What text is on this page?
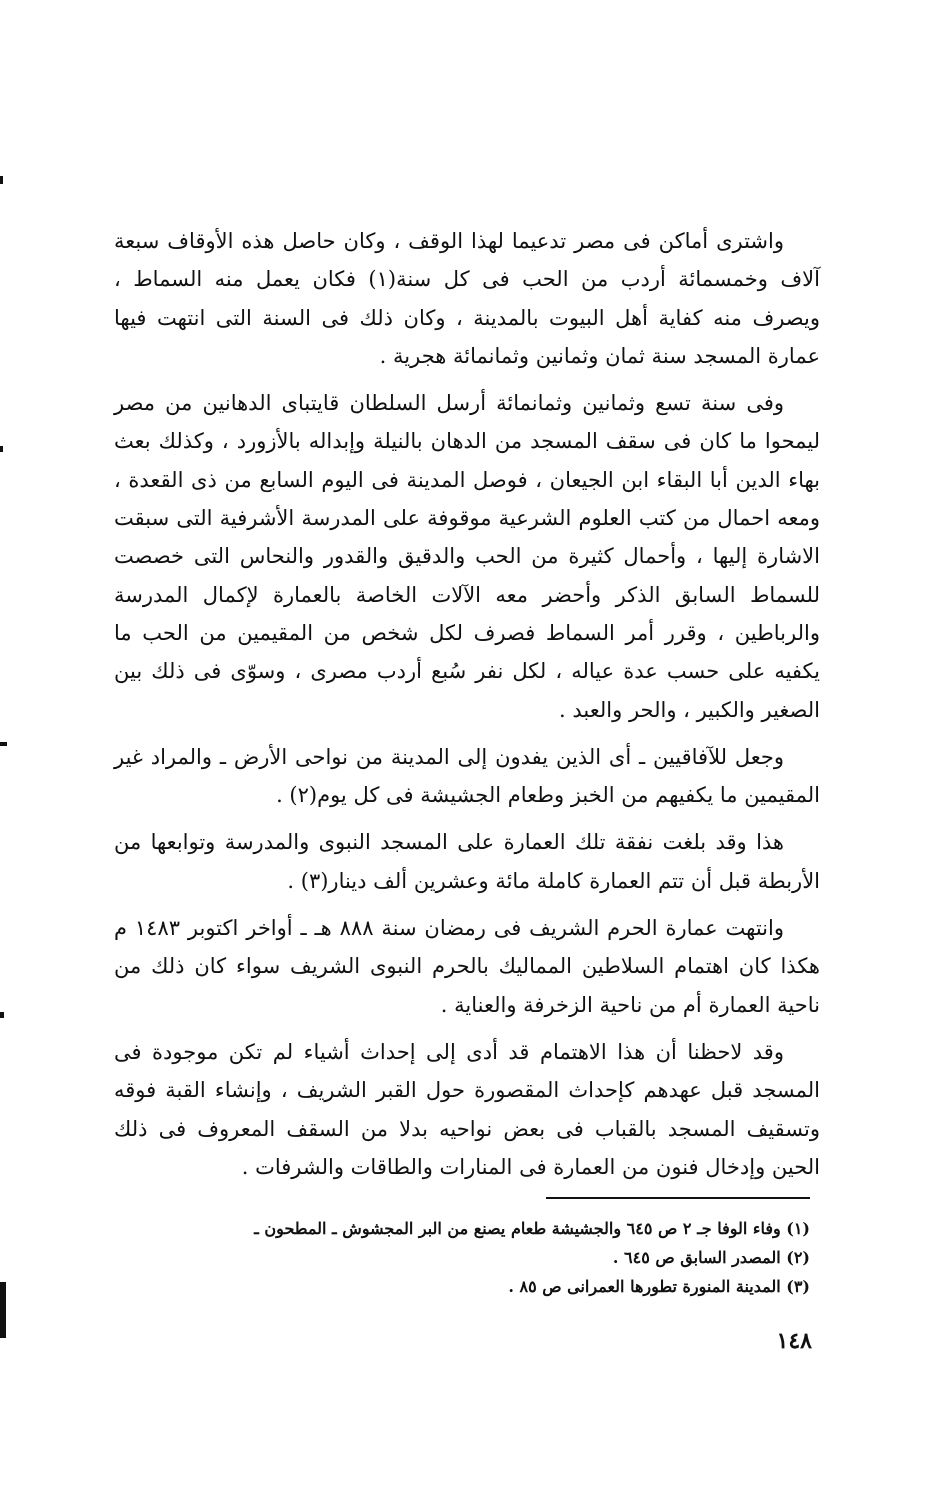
واشترى أماكن فى مصر تدعيما لهذا الوقف ، وكان حاصل هذه الأوقاف سبعة آلاف وخمسمائة أردب من الحب فى كل سنة(١) فكان يعمل منه السماط ، ويصرف منه كفاية أهل البيوت بالمدينة ، وكان ذلك فى السنة التى انتهت فيها عمارة المسجد سنة ثمان وثمانين وثمانمائة هجرية .

وفى سنة تسع وثمانين وثمانمائة أرسل السلطان قايتباى الدهانين من مصر ليمحوا ما كان فى سقف المسجد من الدهان بالنيلة وإبداله بالأزورد ، وكذلك بعث بهاء الدين أبا البقاء ابن الجيعان ، فوصل المدينة فى اليوم السابع من ذى القعدة ، ومعه احمال من كتب العلوم الشرعية موقوفة على المدرسة الأشرفية التى سبقت الاشارة إليها ، وأحمال كثيرة من الحب والدقيق والقدور والنحاس التى خصصت للسماط السابق الذكر وأحضر معه الآلات الخاصة بالعمارة لإكمال المدرسة والرباطين ، وقرر أمر السماط فصرف لكل شخص من المقيمين من الحب ما يكفيه على حسب عدة عياله ، لكل نفر سُبع أردب مصرى ، وسوّى فى ذلك بين الصغير والكبير ، والحر والعبد .

وجعل للآفاقيين ـ أى الذين يفدون إلى المدينة من نواحى الأرض ـ والمراد غير المقيمين ما يكفيهم من الخبز وطعام الجشيشة فى كل يوم(٢) .

هذا وقد بلغت نفقة تلك العمارة على المسجد النبوى والمدرسة وتوابعها من الأربطة قبل أن تتم العمارة كاملة مائة وعشرين ألف دينار(٣) .

وانتهت عمارة الحرم الشريف فى رمضان سنة ٨٨٨ هـ ـ أواخر اكتوبر ١٤٨٣ م هكذا كان اهتمام السلاطين المماليك بالحرم النبوى الشريف سواء كان ذلك من ناحية العمارة أم من ناحية الزخرفة والعناية .

وقد لاحظنا أن هذا الاهتمام قد أدى إلى إحداث أشياء لم تكن موجودة فى المسجد قبل عهدهم كإحداث المقصورة حول القبر الشريف ، وإنشاء القبة فوقه وتسقيف المسجد بالقباب فى بعض نواحيه بدلا من السقف المعروف فى ذلك الحين وإدخال فنون من العمارة فى المنارات والطاقات والشرفات .

(١) وفاء الوفا جـ ٢ ص ٦٤٥ والجشيشة طعام يصنع من البر المجشوش ـ المطحون ـ
(٢) المصدر السابق ص ٦٤٥ .
(٣) المدينة المنورة تطورها العمرانى ص ٨٥ .
١٤٨
